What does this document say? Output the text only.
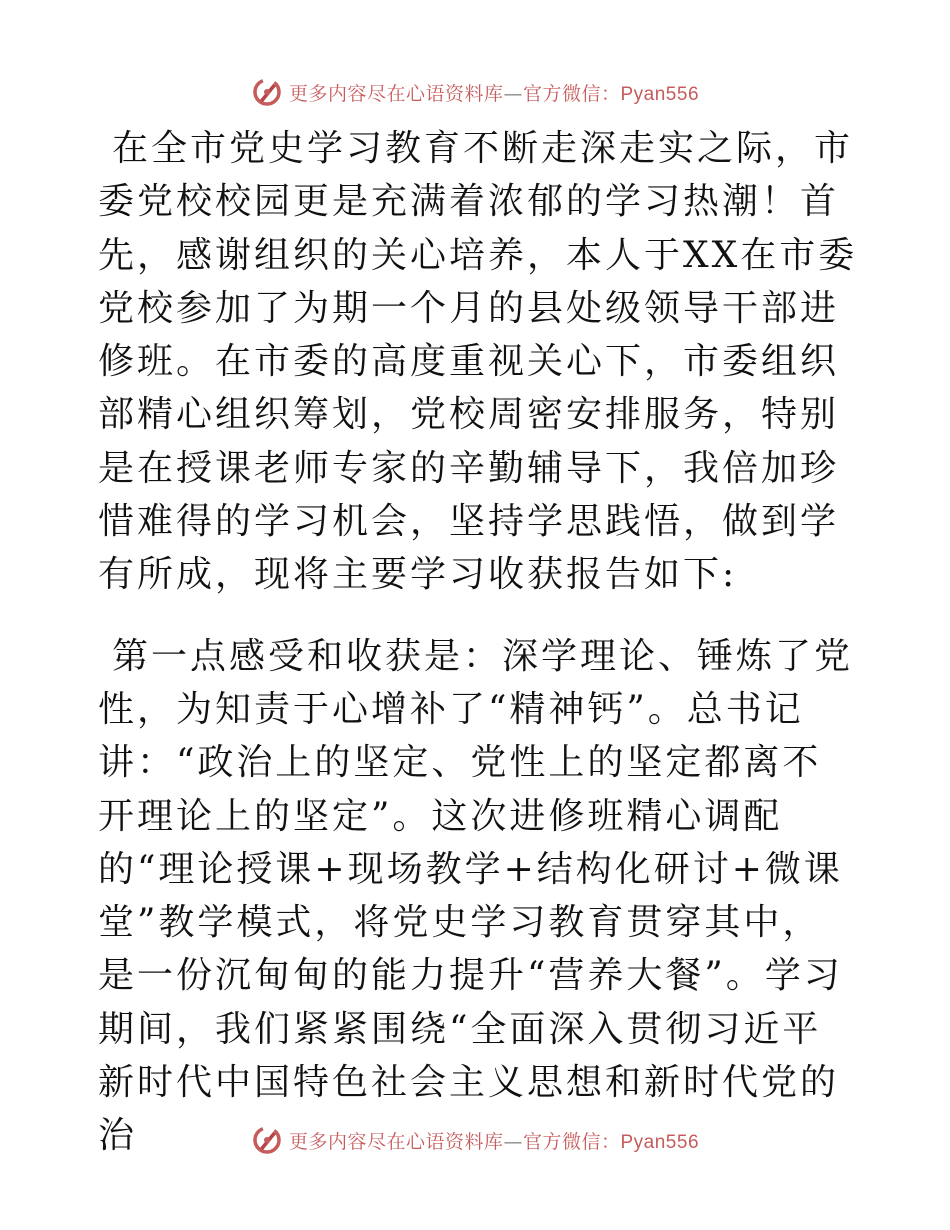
更多内容尽在心语资料库—官方微信：Pyan556

在全市党史学习教育不断走深走实之际，市委党校校园更是充满着浓郁的学习热潮！首先，感谢组织的关心培养，本人于XX在市委党校参加了为期一个月的县处级领导干部进修班。在市委的高度重视关心下，市委组织部精心组织筹划，党校周密安排服务，特别是在授课老师专家的辛勤辅导下，我倍加珍惜难得的学习机会，坚持学思践悟，做到学有所成，现将主要学习收获报告如下:

第一点感受和收获是：深学理论、锤炼了党性，为知责于心增补了“精神钙”。总书记讲：“政治上的坚定、党性上的坚定都离不开理论上的坚定”。这次进修班精心调配的“理论授课+现场教学+结构化研讨+微课堂”教学模式，将党史学习教育贯穿其中，是一份沉甸甸的能力提升“营养大餐”。学习期间，我们紧紧围绕“全面深入贯彻习近平新时代中国特色社会主义思想和新时代党的治	更多内容尽在心语资料库—官方微信：Pyan556
